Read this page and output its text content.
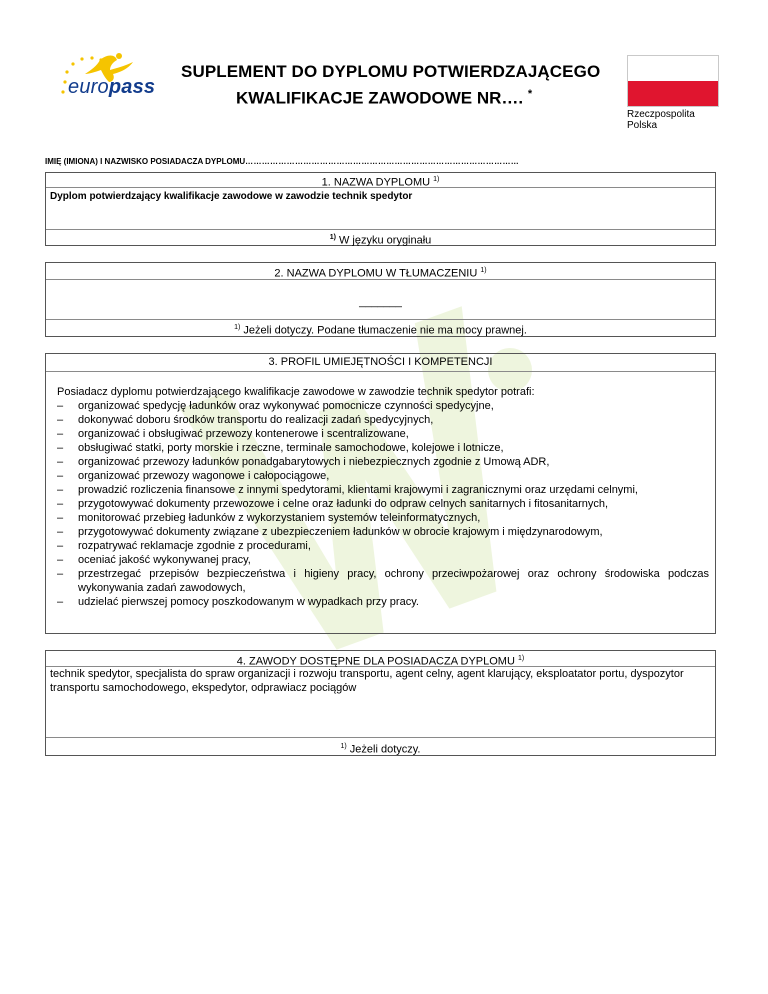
europass
SUPLEMENT DO DYPLOMU POTWIERDZAJĄCEGO
KWALIFIKACJE ZAWODOWE NR…. *
Rzeczpospolita
Polska
IMIĘ (IMIONA) I NAZWISKO POSIADACZA DYPLOMU………………………………………………………………………………………
1. NAZWA DYPLOMU $^{1)}$
Dyplom potwierdzający kwalifikacje zawodowe w zawodzie technik spedytor
$^{1)}$ W języku oryginału
2. NAZWA DYPLOMU W TŁUMACZENIU $^{1)}$
_______
$^{1)}$ Jeżeli dotyczy. Podane tłumaczenie nie ma mocy prawnej.
3. PROFIL UMIEJĘTNOŚCI I KOMPETENCJI
Posiadacz dyplomu potwierdzającego kwalifikacje zawodowe w zawodzie technik spedytor potrafi:
–	organizować spedycję ładunków oraz wykonywać pomocnicze czynności spedycyjne,
–	dokonywać doboru środków transportu do realizacji zadań spedycyjnych,
–	organizować i obsługiwać przewozy kontenerowe i scentralizowane,
–	obsługiwać statki, porty morskie i rzeczne, terminale samochodowe, kolejowe i lotnicze,
–	organizować przewozy ładunków ponadgabarytowych i niebezpiecznych zgodnie z Umową ADR,
–	organizować przewozy wagonowe i całopociągowe,
–	prowadzić rozliczenia finansowe z innymi spedytorami, klientami krajowymi i zagranicznymi oraz urzędami celnymi,
–	przygotowywać dokumenty przewozowe i celne oraz ładunki do odpraw celnych sanitarnych i fitosanitarnych,
–	monitorować przebieg ładunków z wykorzystaniem systemów teleinformatycznych,
–	przygotowywać dokumenty związane z ubezpieczeniem ładunków w obrocie krajowym i międzynarodowym,
–	rozpatrywać reklamacje zgodnie z procedurami,
–	oceniać jakość wykonywanej pracy,
–	przestrzegać przepisów bezpieczeństwa i higieny pracy, ochrony przeciwpożarowej oraz ochrony środowiska podczas wykonywania zadań zawodowych,
–	udzielać pierwszej pomocy poszkodowanym w wypadkach przy pracy.
4. ZAWODY DOSTĘPNE DLA POSIADACZA DYPLOMU $^{1)}$
technik spedytor, specjalista do spraw organizacji i rozwoju transportu, agent celny, agent klarujący, eksploatator portu, dyspozytor transportu samochodowego, ekspedytor, odprawiacz pociągów
$^{1)}$ Jeżeli dotyczy.
